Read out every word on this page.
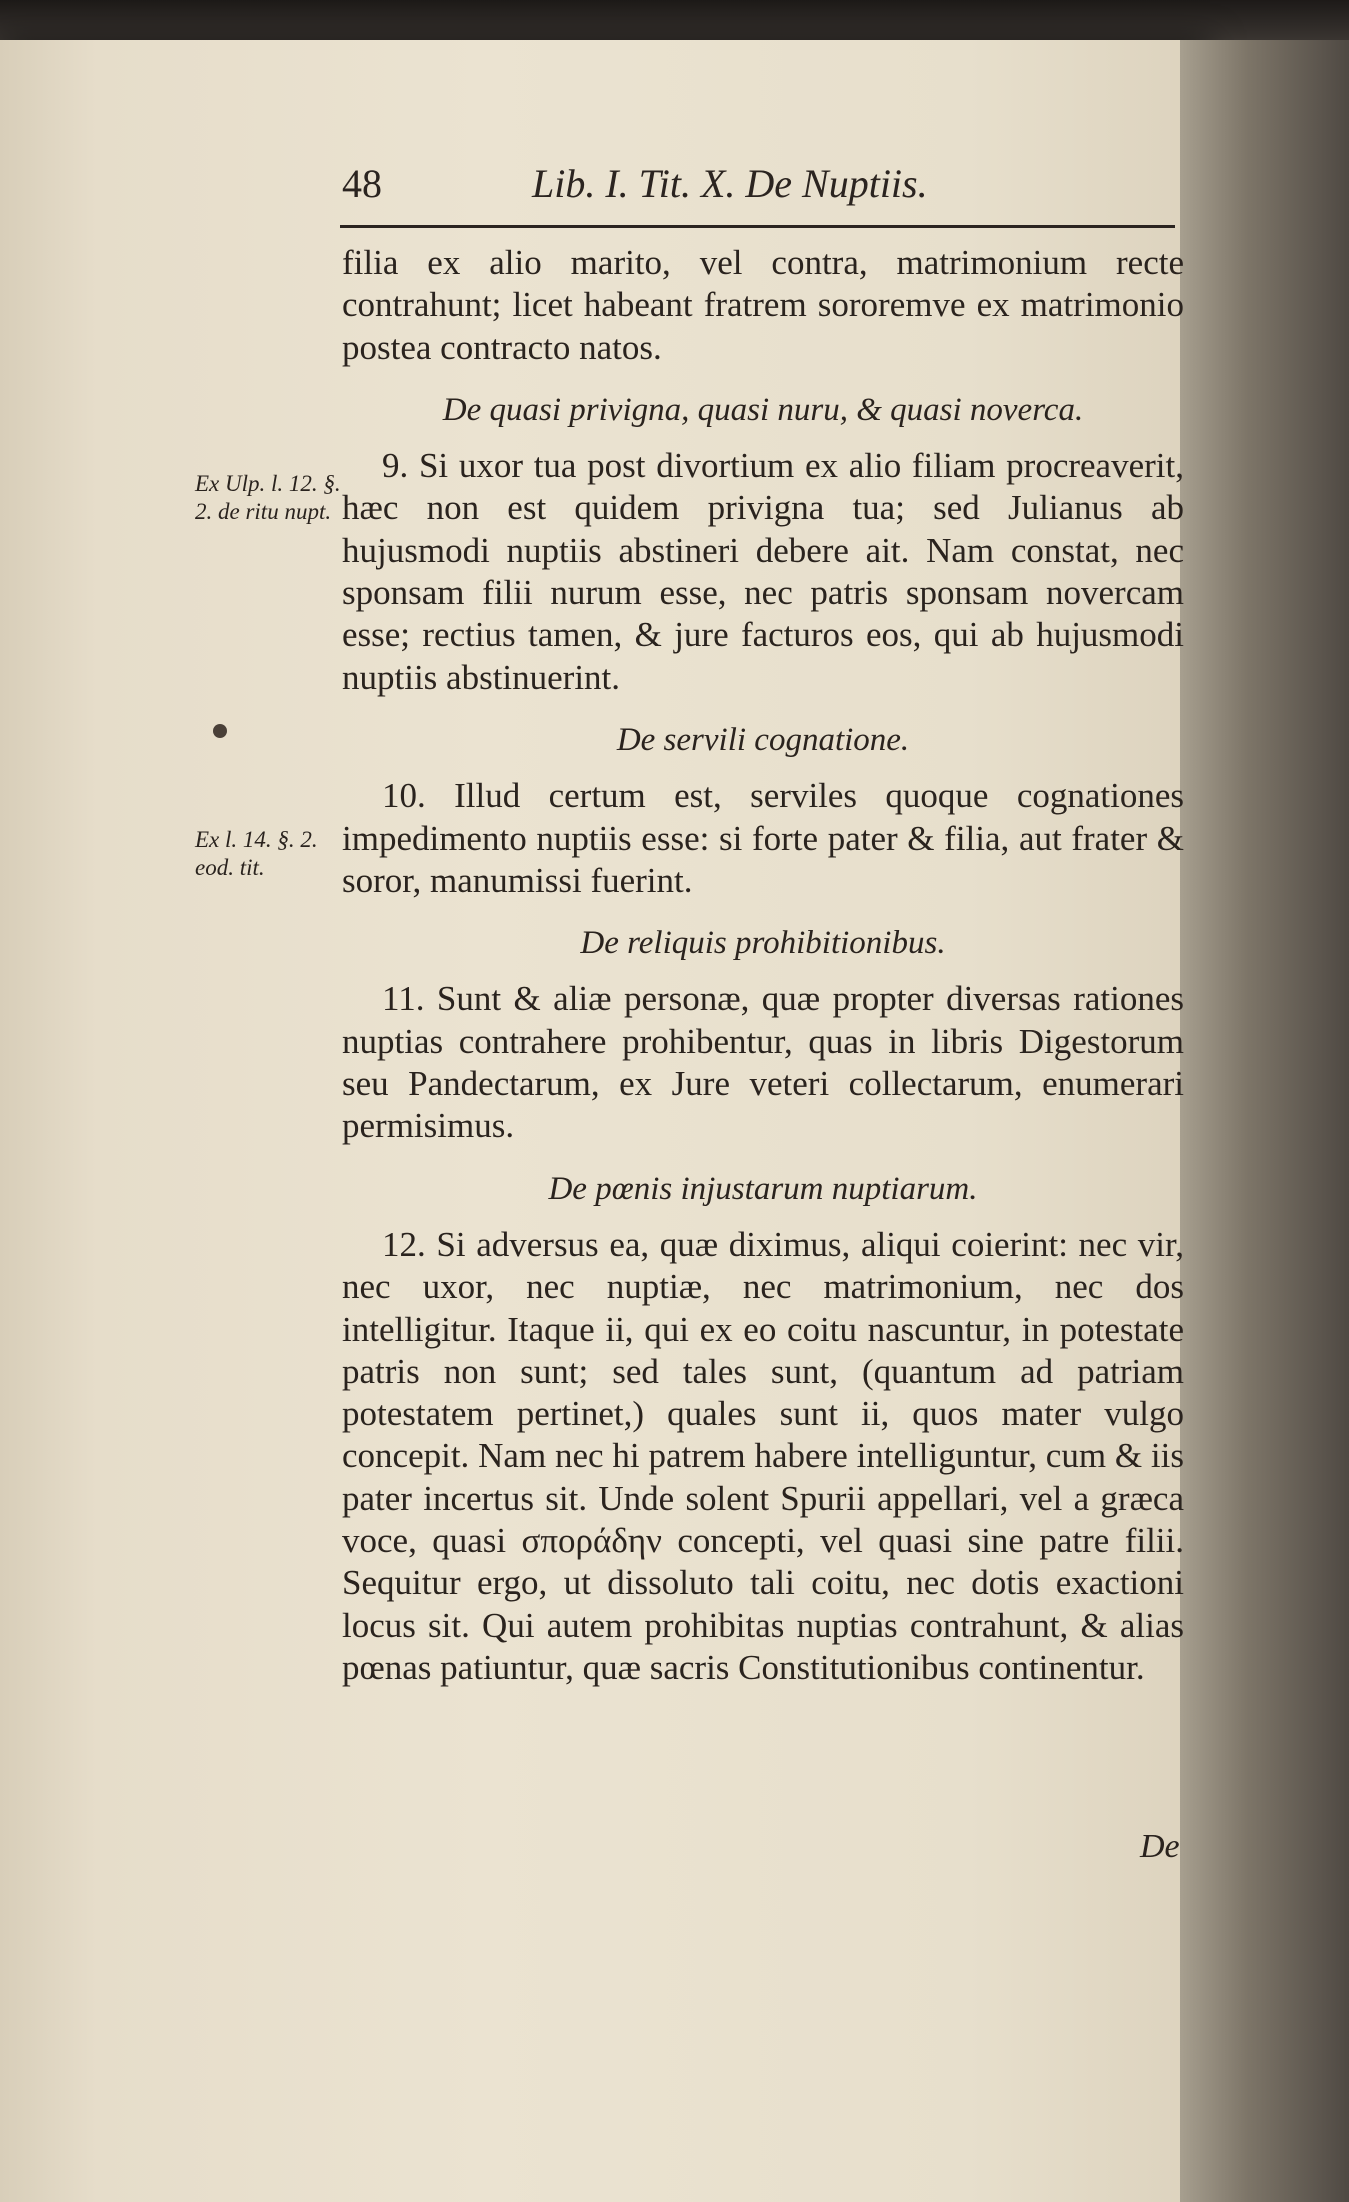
48	Lib. I. Tit. X. De Nuptiis.
Ex Ulp. l. 12. §. 2. de ritu nupt.
Ex l. 14. §. 2. eod. tit.

filia ex alio marito, vel contra, matrimonium recte contrahunt; licet habeant fratrem sororemve ex matrimonio postea contracto natos.

De quasi privigna, quasi nuru, & quasi noverca.

9. Si uxor tua post divortium ex alio filiam procreaverit, hæc non est quidem privigna tua; sed Julianus ab hujusmodi nuptiis abstineri debere ait. Nam constat, nec sponsam filii nurum esse, nec patris sponsam novercam esse; rectius tamen, & jure facturos eos, qui ab hujusmodi nuptiis abstinuerint.

De servili cognatione.

10. Illud certum est, serviles quoque cognationes impedimento nuptiis esse: si forte pater & filia, aut frater & soror, manumissi fuerint.

De reliquis prohibitionibus.

11. Sunt & aliæ personæ, quæ propter diversas rationes nuptias contrahere prohibentur, quas in libris Digestorum seu Pandectarum, ex Jure veteri collectarum, enumerari permisimus.

De pœnis injustarum nuptiarum.

12. Si adversus ea, quæ diximus, aliqui coierint: nec vir, nec uxor, nec nuptiæ, nec matrimonium, nec dos intelligitur. Itaque ii, qui ex eo coitu nascuntur, in potestate patris non sunt; sed tales sunt, (quantum ad patriam potestatem pertinet,) quales sunt ii, quos mater vulgo concepit. Nam nec hi patrem habere intelliguntur, cum & iis pater incertus sit. Unde solent Spurii appellari, vel a græca voce, quasi σποράδην concepti, vel quasi sine patre filii. Sequitur ergo, ut dissoluto tali coitu, nec dotis exactioni locus sit. Qui autem prohibitas nuptias contrahunt, & alias pœnas patiuntur, quæ sacris Constitutionibus continentur.

De
